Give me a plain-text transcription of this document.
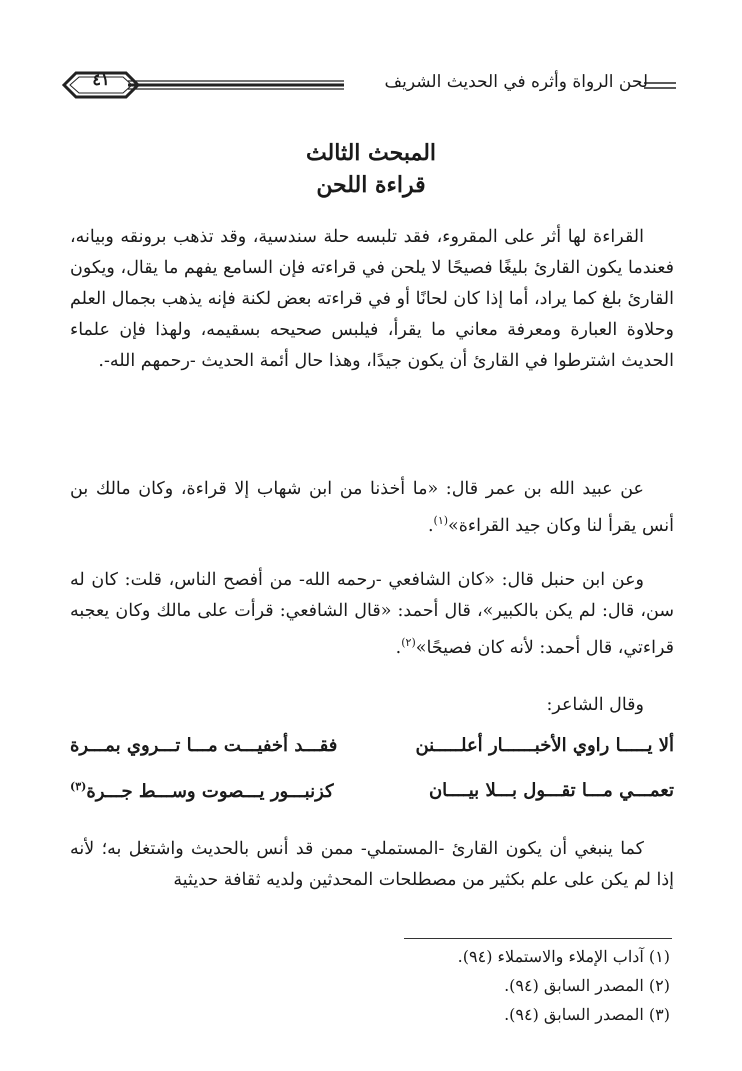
٤١	لحن الرواة وأثره في الحديث الشريف
المبحث الثالث
قراءة اللحن
القراءة لها أثر على المقروء، فقد تلبسه حلة سندسية، وقد تذهب برونقه وبيانه، فعندما يكون القارئ بليغًا فصيحًا لا يلحن في قراءته فإن السامع يفهم ما يقال، ويكون القارئ بلغ كما يراد، أما إذا كان لحانًا أو في قراءته بعض لكنة فإنه يذهب بجمال العلم وحلاوة العبارة ومعرفة معاني ما يقرأ، فيلبس صحيحه بسقيمه، ولهذا فإن علماء الحديث اشترطوا في القارئ أن يكون جيدًا، وهذا حال أئمة الحديث -رحمهم الله-.
عن عبيد الله بن عمر قال: «ما أخذنا من ابن شهاب إلا قراءة، وكان مالك بن أنس يقرأ لنا وكان جيد القراءة»$^{(١)}$.
وعن ابن حنبل قال: «كان الشافعي -رحمه الله- من أفصح الناس، قلت: كان له سن، قال: لم يكن بالكبير»، قال أحمد: «قال الشافعي: قرأت على مالك وكان يعجبه قراءتي، قال أحمد: لأنه كان فصيحًا»$^{(٢)}$.
وقال الشاعر:
ألا يـــــا راوي الأخبــــــار أعلـــــنن
فقـــد أخفيـــت مـــا تـــروي بمـــرة
تعمـــي مـــا تقـــول بـــلا بيــــان
كزنبـــور يـــصوت وســـط جـــرة$^{(٣)}$
كما ينبغي أن يكون القارئ -المستملي- ممن قد أنس بالحديث واشتغل به؛ لأنه إذا لم يكن على علم بكثير من مصطلحات المحدثين ولديه ثقافة حديثية
(١) آداب الإملاء والاستملاء (٩٤).
(٢) المصدر السابق (٩٤).
(٣) المصدر السابق (٩٤).
